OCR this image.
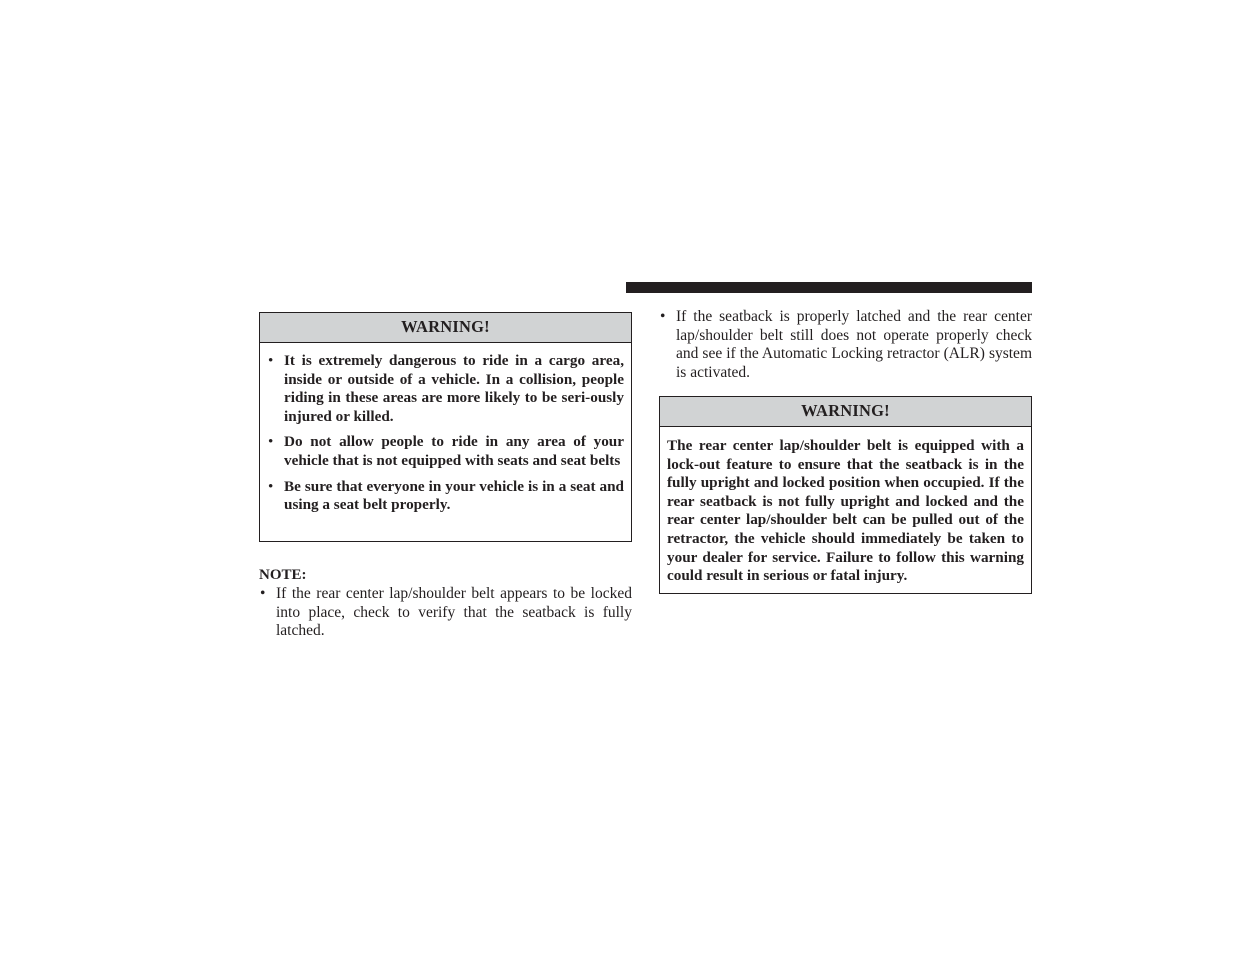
WARNING!
• It is extremely dangerous to ride in a cargo area, inside or outside of a vehicle. In a collision, people riding in these areas are more likely to be seri-ously injured or killed.
• Do not allow people to ride in any area of your vehicle that is not equipped with seats and seat belts
• Be sure that everyone in your vehicle is in a seat and using a seat belt properly.
NOTE:
• If the rear center lap/shoulder belt appears to be locked into place, check to verify that the seatback is fully latched.
• If the seatback is properly latched and the rear center lap/shoulder belt still does not operate properly check and see if the Automatic Locking retractor (ALR) system is activated.
WARNING!
The rear center lap/shoulder belt is equipped with a lock-out feature to ensure that the seatback is in the fully upright and locked position when occupied. If the rear seatback is not fully upright and locked and the rear center lap/shoulder belt can be pulled out of the retractor, the vehicle should immediately be taken to your dealer for service. Failure to follow this warning could result in serious or fatal injury.
